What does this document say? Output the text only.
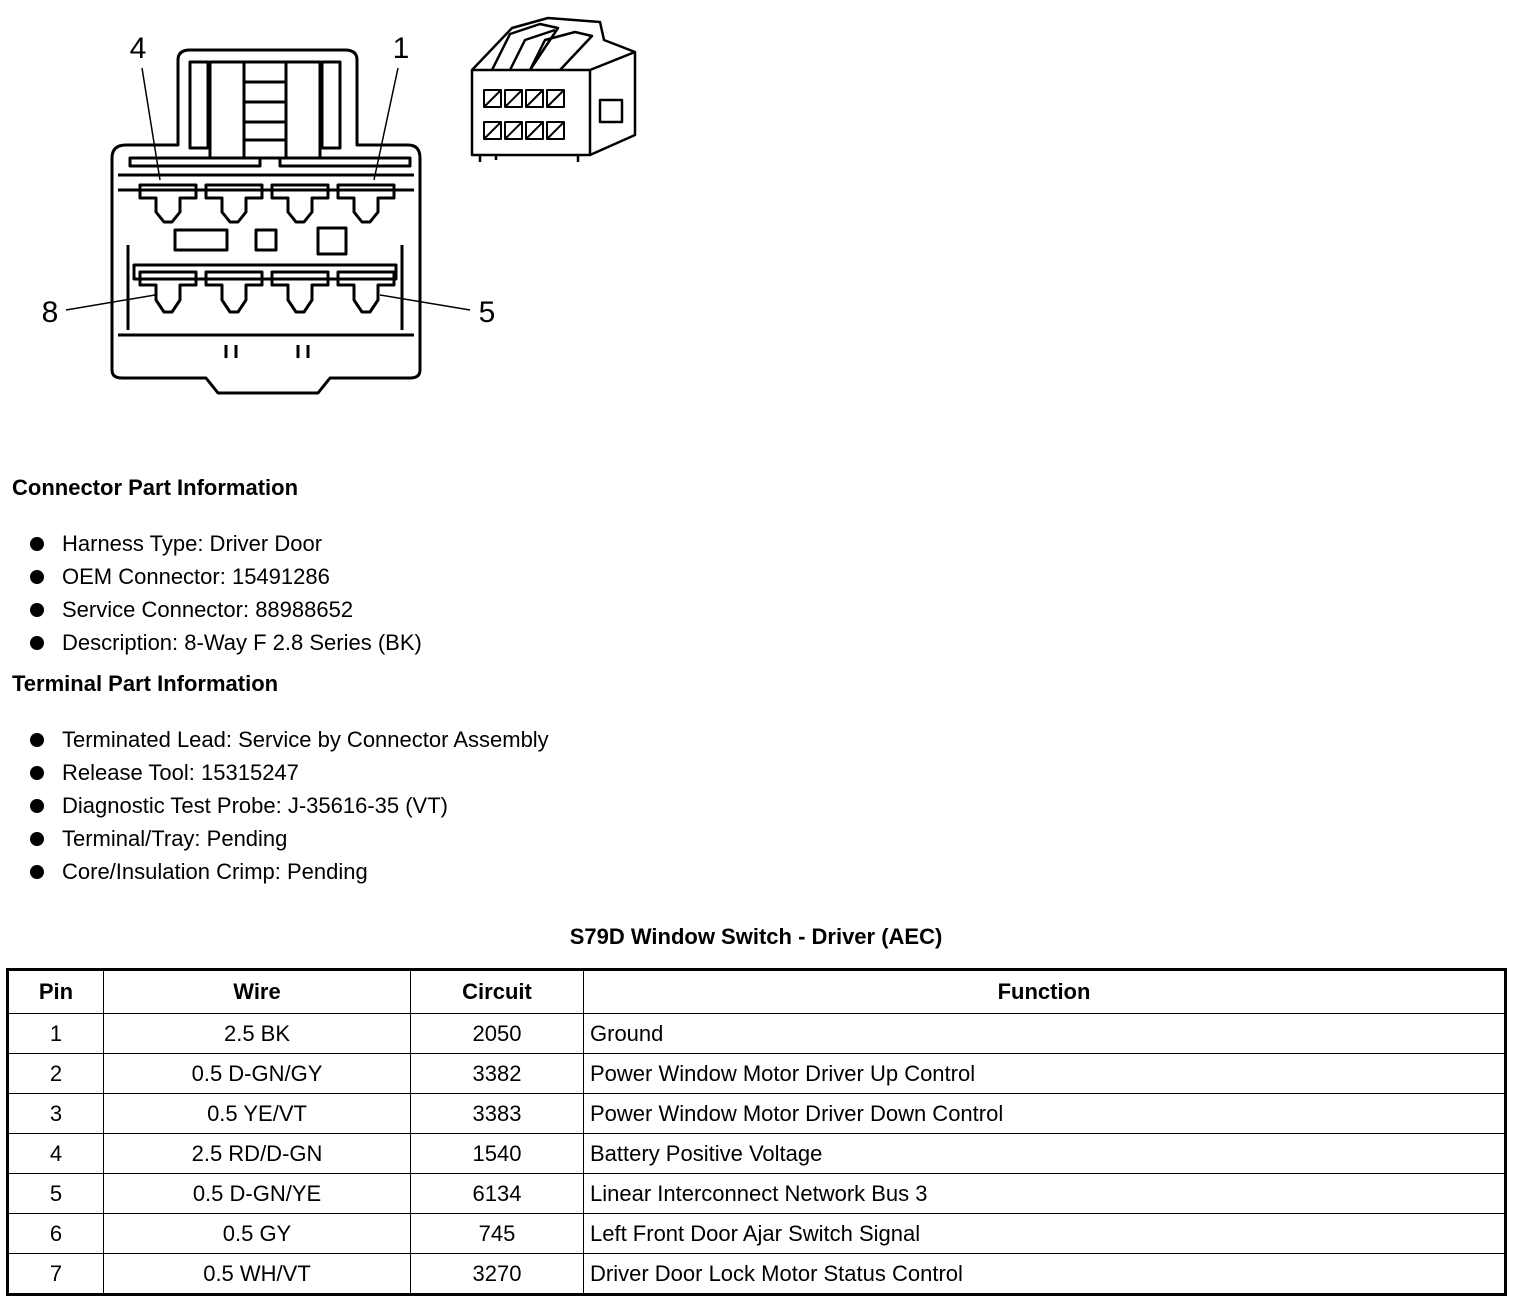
4	1
8	5
Connector Part Information
Harness Type: Driver Door
OEM Connector: 15491286
Service Connector: 88988652
Description: 8-Way F 2.8 Series (BK)
Terminal Part Information
Terminated Lead: Service by Connector Assembly
Release Tool: 15315247
Diagnostic Test Probe: J-35616-35 (VT)
Terminal/Tray: Pending
Core/Insulation Crimp: Pending
S79D Window Switch - Driver (AEC)
Pin	Wire	Circuit	Function
1	2.5 BK	2050	Ground
2	0.5 D-GN/GY	3382	Power Window Motor Driver Up Control
3	0.5 YE/VT	3383	Power Window Motor Driver Down Control
4	2.5 RD/D-GN	1540	Battery Positive Voltage
5	0.5 D-GN/YE	6134	Linear Interconnect Network Bus 3
6	0.5 GY	745	Left Front Door Ajar Switch Signal
7	0.5 WH/VT	3270	Driver Door Lock Motor Status Control
